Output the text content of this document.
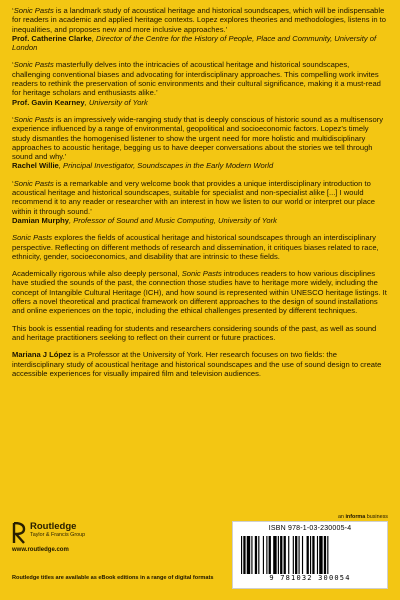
‘Sonic Pasts is a landmark study of acoustical heritage and historical soundscapes, which will be indispensable for readers in academic and applied heritage contexts. Lopez explores theories and methodologies, listens in to inequalities, and proposes new and more inclusive approaches.’
Prof. Catherine Clarke, Director of the Centre for the History of People, Place and Community, University of London
‘Sonic Pasts masterfully delves into the intricacies of acoustical heritage and historical soundscapes, challenging conventional biases and advocating for interdisciplinary approaches. This compelling work invites readers to rethink the preservation of sonic environments and their cultural significance, making it a must-read for heritage scholars and enthusiasts alike.’
Prof. Gavin Kearney, University of York
‘Sonic Pasts is an impressively wide-ranging study that is deeply conscious of historic sound as a multisensory experience influenced by a range of environmental, geopolitical and socioeconomic factors. Lopez’s timely study dismantles the homogenised listener to show the urgent need for more holistic and multidisciplinary approaches to acoustic heritage, begging us to have deeper conversations about the stories we tell through sound and why.’
Rachel Willie, Principal Investigator, Soundscapes in the Early Modern World
‘Sonic Pasts is a remarkable and very welcome book that provides a unique interdisciplinary introduction to acoustical heritage and historical soundscapes, suitable for specialist and non-specialist alike [...] I would recommend it to any reader or researcher with an interest in how we listen to our world or interpret our place within it through sound.’
Damian Murphy, Professor of Sound and Music Computing, University of York

Sonic Pasts explores the fields of acoustical heritage and historical soundscapes through an interdisciplinary perspective. Reflecting on different methods of research and dissemination, it critiques biases related to race, ethnicity, gender, socioeconomics, and disability that are intrinsic to these fields.

Academically rigorous while also deeply personal, Sonic Pasts introduces readers to how various disciplines have studied the sounds of the past, the connection those studies have to heritage more widely, including the concept of Intangible Cultural Heritage (ICH), and how sound is represented within UNESCO heritage listings. It offers a novel theoretical and practical framework on different approaches to the design of sound installations and online experiences on the topic, including the ethical challenges presented by different techniques.

This book is essential reading for students and researchers considering sounds of the past, as well as sound and heritage practitioners seeking to reflect on their current or future practices.

Mariana J López is a Professor at the University of York. Her research focuses on two fields: the interdisciplinary study of acoustical heritage and historical soundscapes and the use of sound design to create accessible experiences for visually impaired film and television audiences.

Routledge
Taylor & Francis Group
www.routledge.com
Routledge titles are available as eBook editions in a range of digital formats
an informa business
ISBN 978-1-03-230005-4
9 781032 300054
